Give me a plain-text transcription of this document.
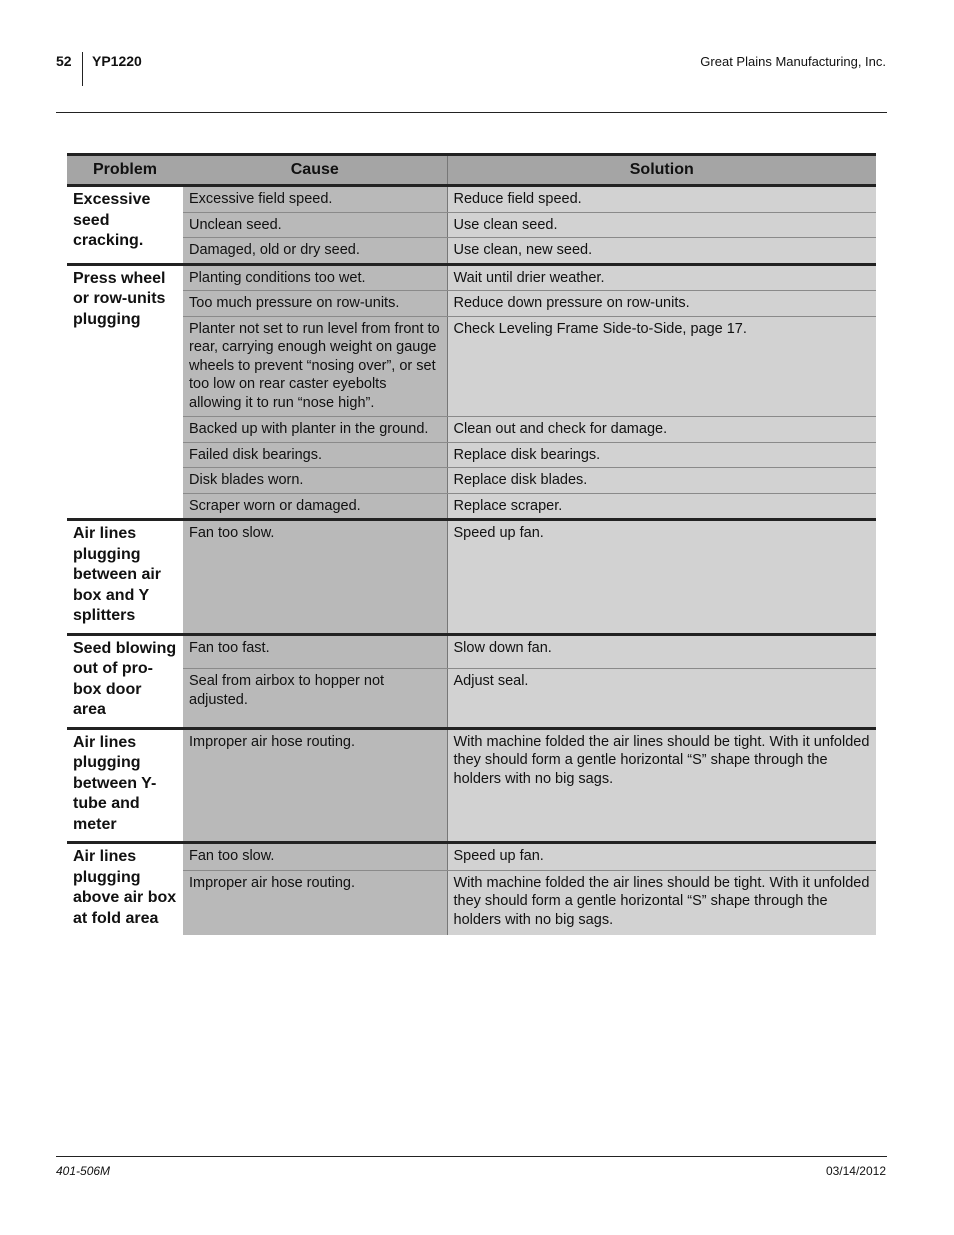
52 YP1220	Great Plains Manufacturing, Inc.
Problem	Cause	Solution
Excessive seed cracking.	Excessive field speed.	Reduce field speed.
	Unclean seed.	Use clean seed.
	Damaged, old or dry seed.	Use clean, new seed.
Press wheel or row-units plugging	Planting conditions too wet.	Wait until drier weather.
	Too much pressure on row-units.	Reduce down pressure on row-units.
	Planter not set to run level from front to rear, carrying enough weight on gauge wheels to prevent “nosing over”, or set too low on rear caster eyebolts allowing it to run “nose high”.	Check Leveling Frame Side-to-Side, page 17.
	Backed up with planter in the ground.	Clean out and check for damage.
	Failed disk bearings.	Replace disk bearings.
	Disk blades worn.	Replace disk blades.
	Scraper worn or damaged.	Replace scraper.
Air lines plugging between air box and Y splitters	Fan too slow.	Speed up fan.
Seed blowing out of pro-box door area	Fan too fast.	Slow down fan.
	Seal from airbox to hopper not adjusted.	Adjust seal.
Air lines plugging between Y-tube and meter	Improper air hose routing.	With machine folded the air lines should be tight. With it unfolded they should form a gentle horizontal “S” shape through the holders with no big sags.
Air lines plugging above air box at fold area	Fan too slow.	Speed up fan.
	Improper air hose routing.	With machine folded the air lines should be tight. With it unfolded they should form a gentle horizontal “S” shape through the holders with no big sags.
401-506M	03/14/2012
